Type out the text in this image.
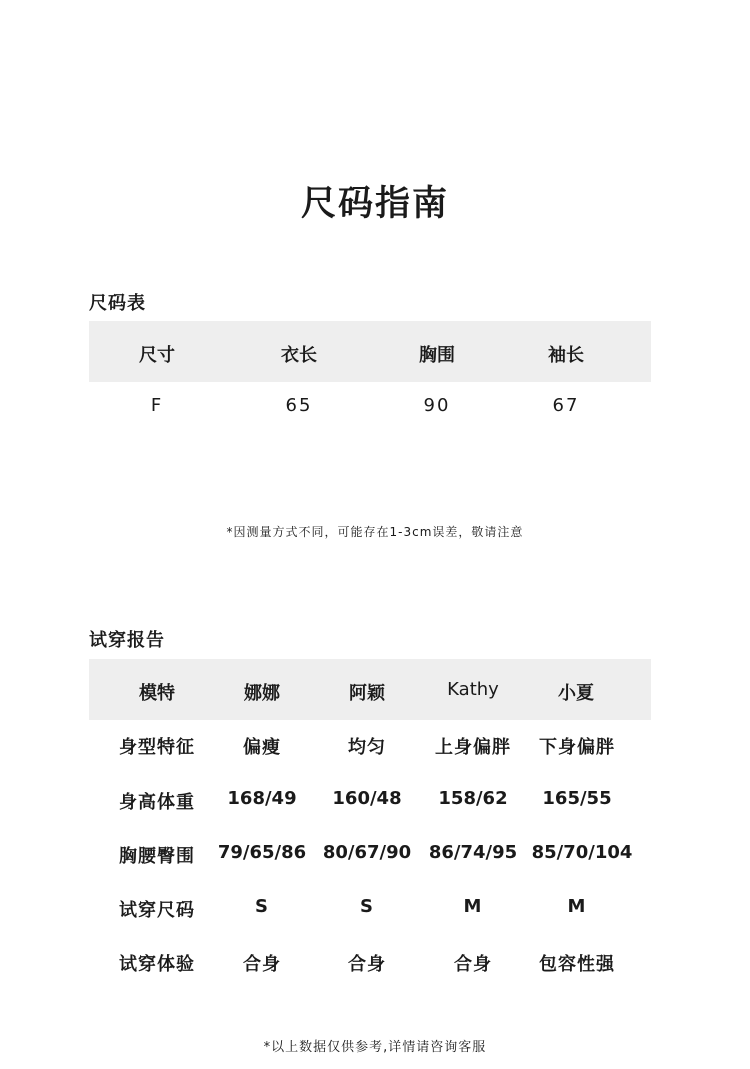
尺码指南
尺码表
尺寸	衣长	胸围	袖长
F	65	90	67
*因测量方式不同，可能存在1-3cm误差，敬请注意
试穿报告
模特	娜娜	阿颖	Kathy	小夏
身型特征	偏瘦	均匀	上身偏胖	下身偏胖
身高体重	168/49	160/48	158/62	165/55
胸腰臀围	79/65/86 80/67/90 86/74/95 85/70/104
试穿尺码	S	S	M	M
试穿体验	合身	合身	合身	包容性强
*以上数据仅供参考,详情请咨询客服
